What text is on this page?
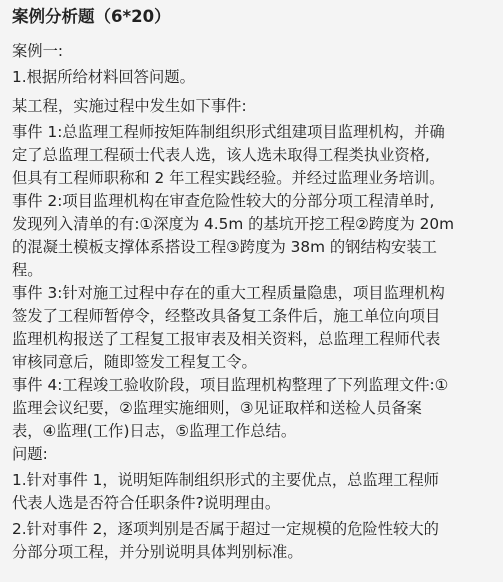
案例分析题（6*20）
案例一:
1.根据所给材料回答问题。
某工程，实施过程中发生如下事件:
事件 1:总监理工程师按矩阵制组织形式组建项目监理机构，并确
定了总监理工程硕士代表人选，该人选未取得工程类执业资格,
但具有工程师职称和 2 年工程实践经验。并经过监理业务培训。
事件 2:项目监理机构在审查危险性较大的分部分项工程清单时,
发现列入清单的有:①深度为 4.5m 的基坑开挖工程②跨度为 20m
的混凝土模板支撑体系搭设工程③跨度为 38m 的钢结构安装工
程。
事件 3:针对施工过程中存在的重大工程质量隐患，项目监理机构
签发了工程师暂停令，经整改具备复工条件后，施工单位向项目
监理机构报送了工程复工报审表及相关资料，总监理工程师代表
审核同意后，随即签发工程复工令。
事件 4:工程竣工验收阶段，项目监理机构整理了下列监理文件:①
监理会议纪要，②监理实施细则，③见证取样和送检人员备案
表，④监理(工作)日志，⑤监理工作总结。
问题:
1.针对事件 1，说明矩阵制组织形式的主要优点，总监理工程师
代表人选是否符合任职条件?说明理由。
2.针对事件 2，逐项判别是否属于超过一定规模的危险性较大的
分部分项工程，并分别说明具体判别标准。
